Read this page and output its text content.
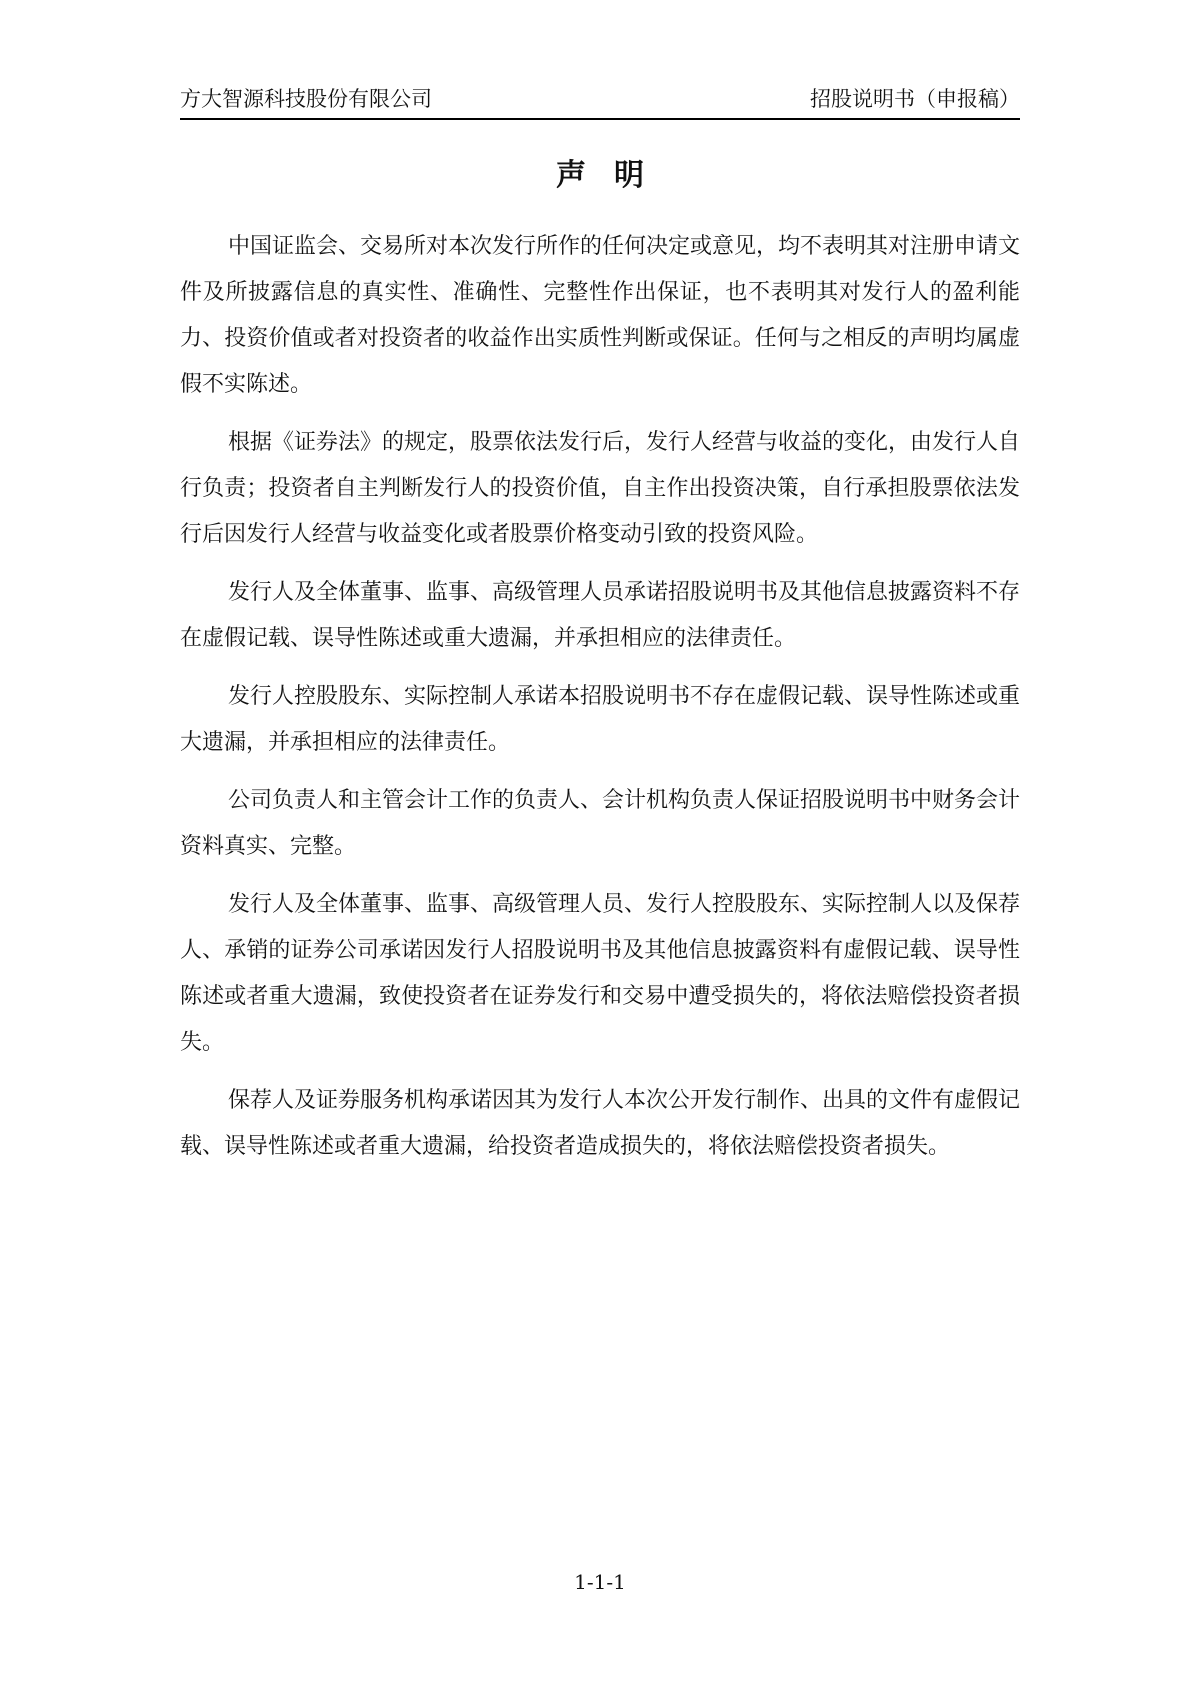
方大智源科技股份有限公司	招股说明书（申报稿）
声明

中国证监会、交易所对本次发行所作的任何决定或意见，均不表明其对注册申请文件及所披露信息的真实性、准确性、完整性作出保证，也不表明其对发行人的盈利能力、投资价值或者对投资者的收益作出实质性判断或保证。任何与之相反的声明均属虚假不实陈述。

根据《证券法》的规定，股票依法发行后，发行人经营与收益的变化，由发行人自行负责；投资者自主判断发行人的投资价值，自主作出投资决策，自行承担股票依法发行后因发行人经营与收益变化或者股票价格变动引致的投资风险。

发行人及全体董事、监事、高级管理人员承诺招股说明书及其他信息披露资料不存在虚假记载、误导性陈述或重大遗漏，并承担相应的法律责任。

发行人控股股东、实际控制人承诺本招股说明书不存在虚假记载、误导性陈述或重大遗漏，并承担相应的法律责任。

公司负责人和主管会计工作的负责人、会计机构负责人保证招股说明书中财务会计资料真实、完整。

发行人及全体董事、监事、高级管理人员、发行人控股股东、实际控制人以及保荐人、承销的证券公司承诺因发行人招股说明书及其他信息披露资料有虚假记载、误导性陈述或者重大遗漏，致使投资者在证券发行和交易中遭受损失的，将依法赔偿投资者损失。

保荐人及证券服务机构承诺因其为发行人本次公开发行制作、出具的文件有虚假记载、误导性陈述或者重大遗漏，给投资者造成损失的，将依法赔偿投资者损失。

1-1-1
